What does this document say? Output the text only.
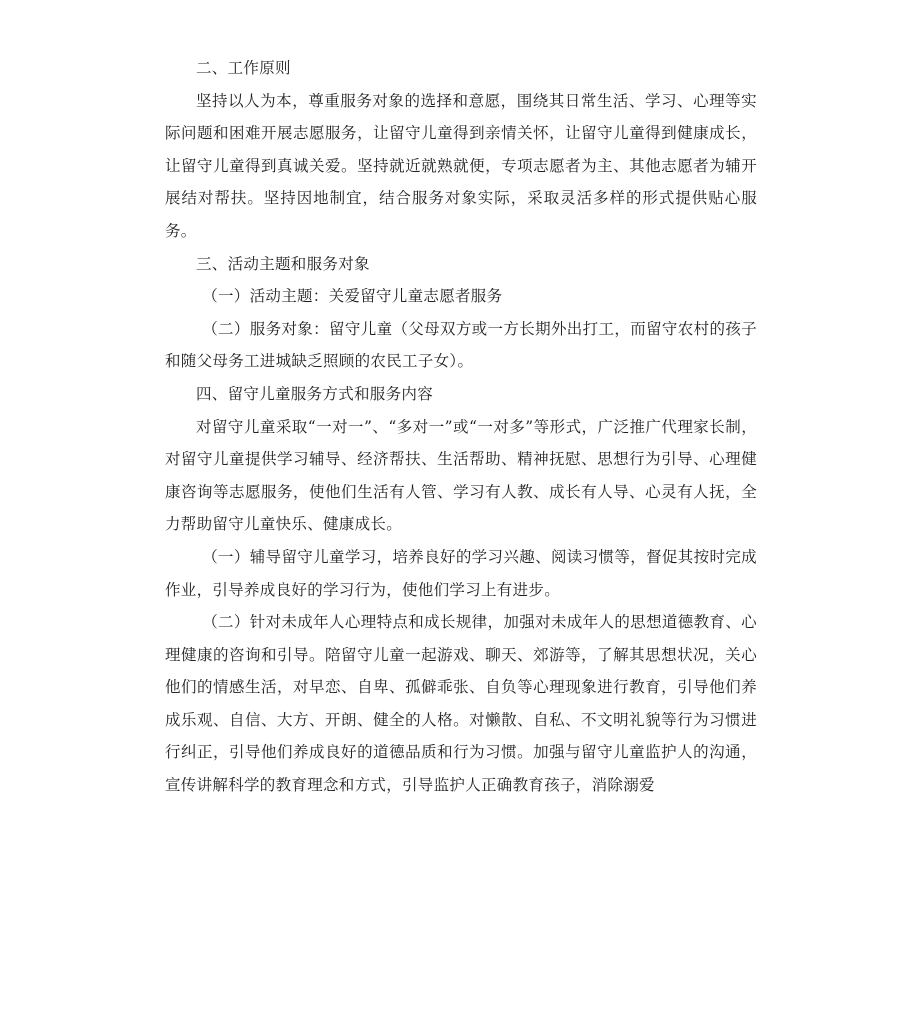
二、工作原则

坚持以人为本，尊重服务对象的选择和意愿，围绕其日常生活、学习、心理等实际问题和困难开展志愿服务，让留守儿童得到亲情关怀，让留守儿童得到健康成长，让留守儿童得到真诚关爱。坚持就近就熟就便，专项志愿者为主、其他志愿者为辅开展结对帮扶。坚持因地制宜，结合服务对象实际，采取灵活多样的形式提供贴心服务。

三、活动主题和服务对象

（一）活动主题：关爱留守儿童志愿者服务

（二）服务对象：留守儿童（父母双方或一方长期外出打工，而留守农村的孩子和随父母务工进城缺乏照顾的农民工子女）。

四、留守儿童服务方式和服务内容

对留守儿童采取“一对一”、“多对一”或“一对多”等形式，广泛推广代理家长制，对留守儿童提供学习辅导、经济帮扶、生活帮助、精神抚慰、思想行为引导、心理健康咨询等志愿服务，使他们生活有人管、学习有人教、成长有人导、心灵有人抚，全力帮助留守儿童快乐、健康成长。

（一）辅导留守儿童学习，培养良好的学习兴趣、阅读习惯等，督促其按时完成作业，引导养成良好的学习行为，使他们学习上有进步。

（二）针对未成年人心理特点和成长规律，加强对未成年人的思想道德教育、心理健康的咨询和引导。陪留守儿童一起游戏、聊天、郊游等，了解其思想状况，关心他们的情感生活，对早恋、自卑、孤僻乖张、自负等心理现象进行教育，引导他们养成乐观、自信、大方、开朗、健全的人格。对懒散、自私、不文明礼貌等行为习惯进行纠正，引导他们养成良好的道德品质和行为习惯。加强与留守儿童监护人的沟通，宣传讲解科学的教育理念和方式，引导监护人正确教育孩子，消除溺爱
